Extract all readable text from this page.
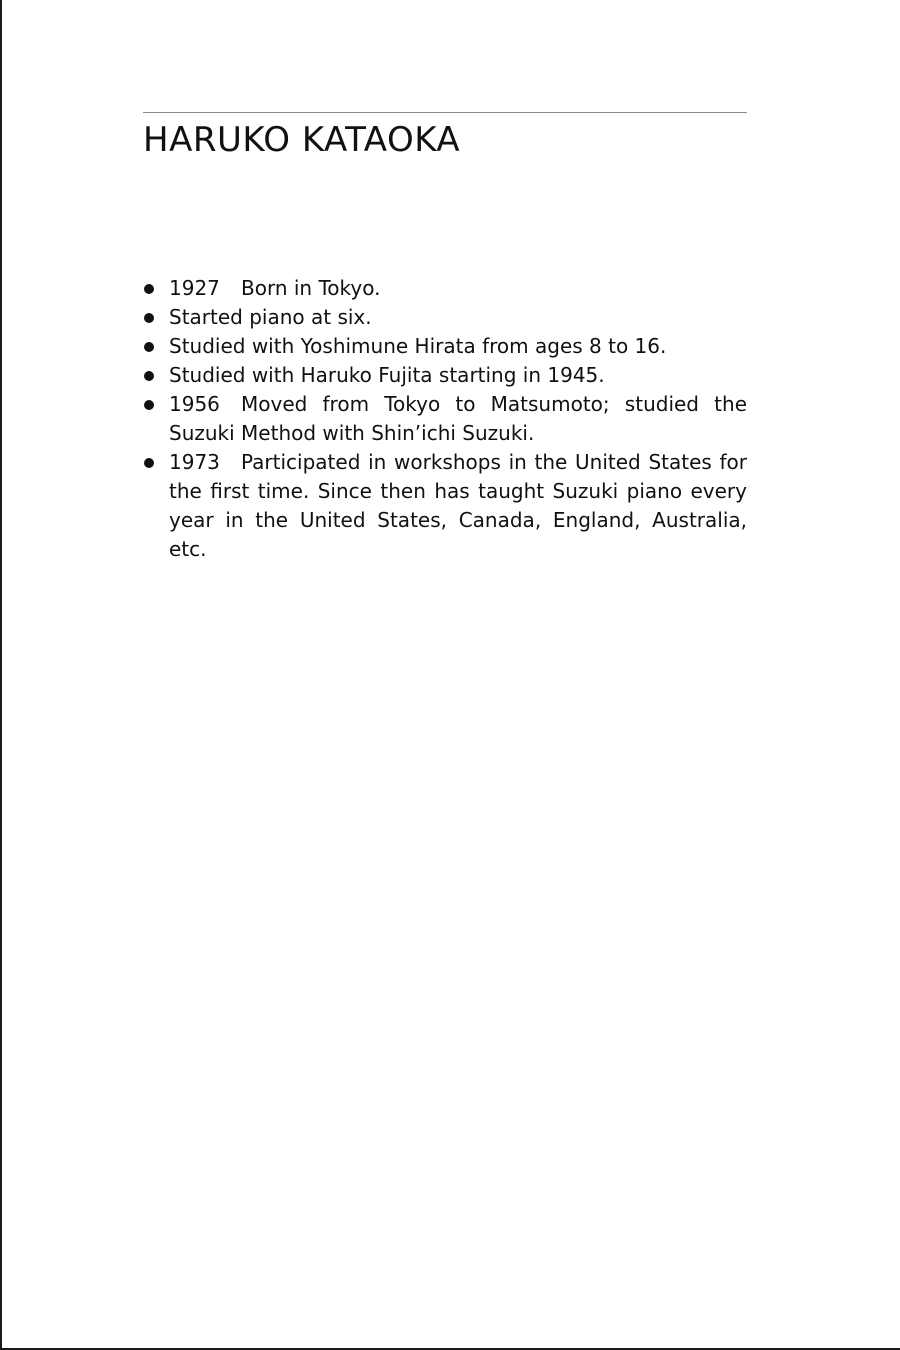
HARUKO KATAOKA
1927 Born in Tokyo.
Started piano at six.
Studied with Yoshimune Hirata from ages 8 to 16.
Studied with Haruko Fujita starting in 1945.
1956 Moved from Tokyo to Matsumoto; studied the Suzuki Method with Shin’ichi Suzuki.
1973 Participated in workshops in the United States for the first time. Since then has taught Suzuki piano every year in the United States, Canada, England, Australia, etc.
